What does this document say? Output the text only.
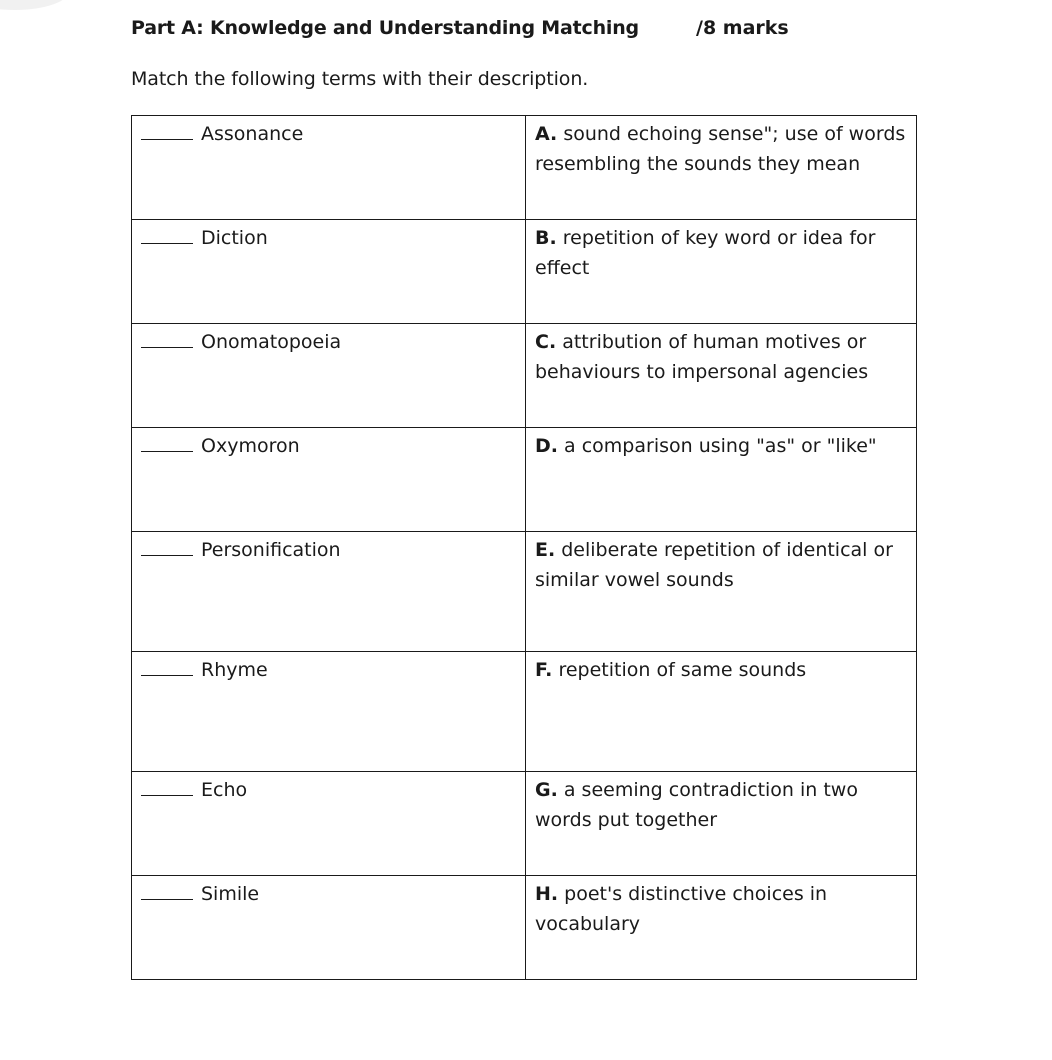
Part A: Knowledge and Understanding Matching	/8 marks
Match the following terms with their description.
Assonance	A. sound echoing sense"; use of words resembling the sounds they mean
Diction	B. repetition of key word or idea for effect
Onomatopoeia	C. attribution of human motives or behaviours to impersonal agencies
Oxymoron	D. a comparison using "as" or "like"
Personification	E. deliberate repetition of identical or similar vowel sounds
Rhyme	F. repetition of same sounds
Echo	G. a seeming contradiction in two words put together
Simile	H. poet's distinctive choices in vocabulary
